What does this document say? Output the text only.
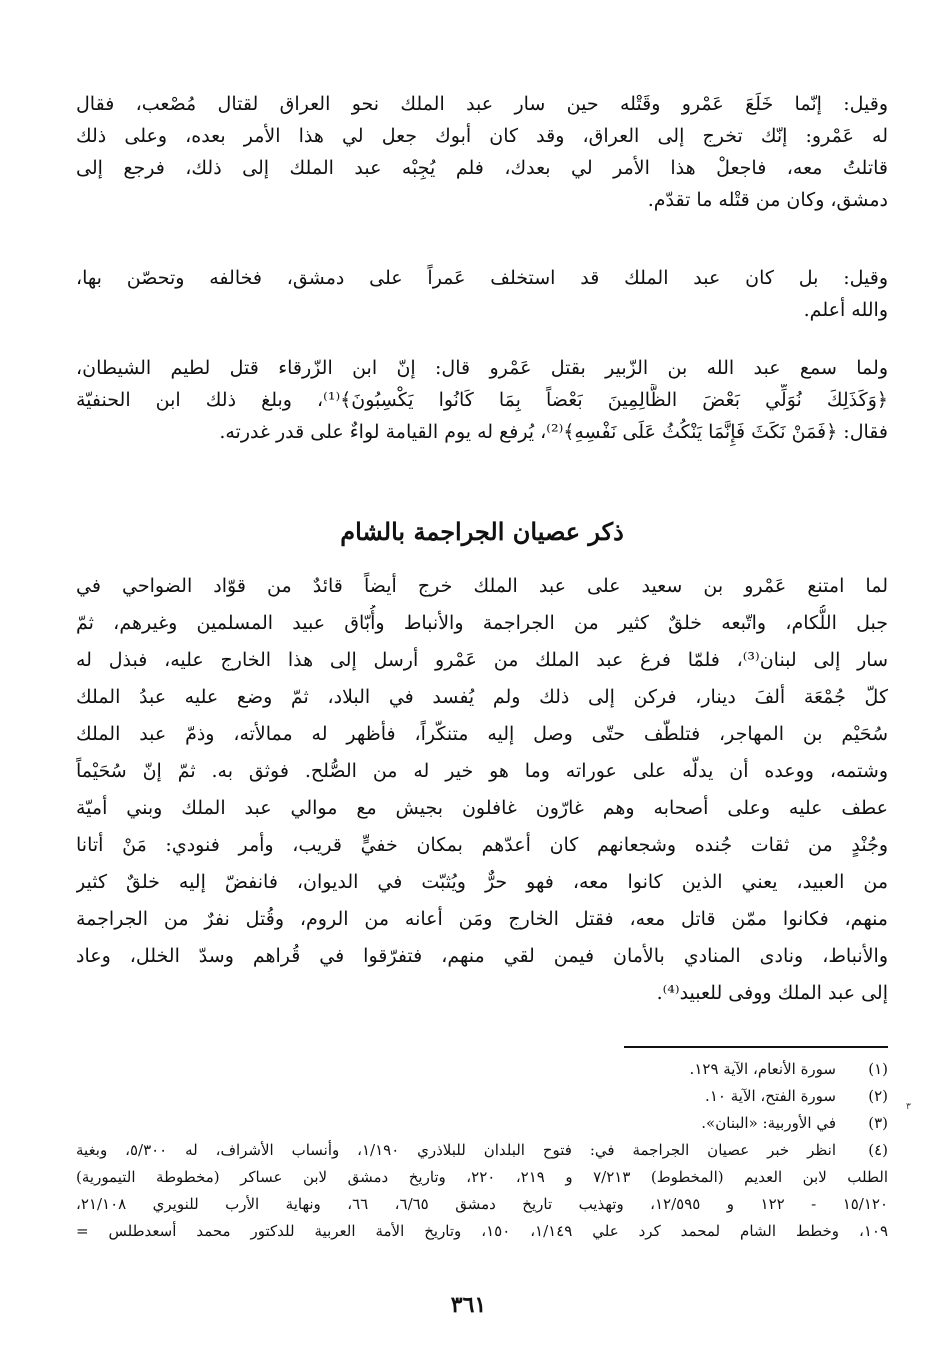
وقيل: إنّما خَلَعَ عَمْرو وقَتْله حين سار عبد الملك نحو العراق لقتال مُصْعب، فقال
له عَمْرو: إنّك تخرج إلى العراق، وقد كان أبوك جعل لي هذا الأمر بعده، وعلى ذلك
قاتلتُ معه، فاجعلْ هذا الأمر لي بعدك، فلم يُجِبْه عبد الملك إلى ذلك، فرجع إلى
دمشق، وكان من قتْله ما تقدّم.
وقيل: بل كان عبد الملك قد استخلف عَمراً على دمشق، فخالفه وتحصّن بها،
والله أعلم.
ولما سمع عبد الله بن الزّبير بقتل عَمْرو قال: إنّ ابن الزّرقاء قتل لطيم الشيطان،
﴿وَكَذَلِكَ نُوَلِّي بَعْضَ الظَّالِمِينَ بَعْضاً بِمَا كَانُوا يَكْسِبُونَ﴾⁽¹⁾، وبلغ ذلك ابن الحنفيّة
فقال: ﴿فَمَنْ نَكَثَ فَإِنَّمَا يَنْكُثُ عَلَى نَفْسِهِ﴾⁽²⁾، يُرفع له يوم القيامة لواءٌ على قدر غدرته.
ذكر عصيان الجراجمة بالشام
لما امتنع عَمْرو بن سعيد على عبد الملك خرج أيضاً قائدٌ من قوّاد الضواحي في
جبل اللُّكام، واتّبعه خلقٌ كثير من الجراجمة والأنباط وأُبّاق عبيد المسلمين وغيرهم، ثمّ
سار إلى لبنان⁽³⁾، فلمّا فرغ عبد الملك من عَمْرو أرسل إلى هذا الخارج عليه، فبذل له
كلّ جُمْعَة ألفَ دينار، فركن إلى ذلك ولم يُفسد في البلاد، ثمّ وضع عليه عبدُ الملك
سُحَيْم بن المهاجر، فتلطّف حتّى وصل إليه متنكّراً، فأظهر له ممالأته، وذمّ عبد الملك
وشتمه، ووعده أن يدلّه على عوراته وما هو خير له من الصُّلح. فوثق به. ثمّ إنّ سُحَيْماً
عطف عليه وعلى أصحابه وهم غارّون غافلون بجيش مع موالي عبد الملك وبني أميّة
وجُنْدٍ من ثقات جُنده وشجعانهم كان أعدّهم بمكان خفيٍّ قريب، وأمر فنودي: مَنْ أتانا
من العبيد، يعني الذين كانوا معه، فهو حرٌّ ويُثبّت في الديوان، فانفضّ إليه خلقٌ كثير
منهم، فكانوا ممّن قاتل معه، فقتل الخارج ومَن أعانه من الروم، وقُتل نفرٌ من الجراجمة
والأنباط، ونادى المنادي بالأمان فيمن لقي منهم، فتفرّقوا في قُراهم وسدّ الخلل، وعاد
إلى عبد الملك ووفى للعبيد⁽⁴⁾.
٣
(١)
سورة الأنعام، الآية ١٢٩.
(٢)
سورة الفتح، الآية ١٠.
(٣)
في الأوربية: «البنان».
(٤)
انظر خبر عصيان الجراجمة في: فتوح البلدان للبلاذري ١/١٩٠، وأنساب الأشراف، له ٥/٣٠٠، وبغية
الطلب لابن العديم (المخطوط) ٧/٢١٣ و ٢١٩، ٢٢٠، وتاريخ دمشق لابن عساكر (مخطوطة التيمورية)
١٥/١٢٠ - ١٢٢ و ١٢/٥٩٥، وتهذيب تاريخ دمشق ٦/٦٥، ٦٦، ونهاية الأرب للنويري ٢١/١٠٨،
١٠٩، وخطط الشام لمحمد كرد علي ١/١٤٩، ١٥٠، وتاريخ الأمة العربية للدكتور محمد أسعدطلس =
٣٦١
